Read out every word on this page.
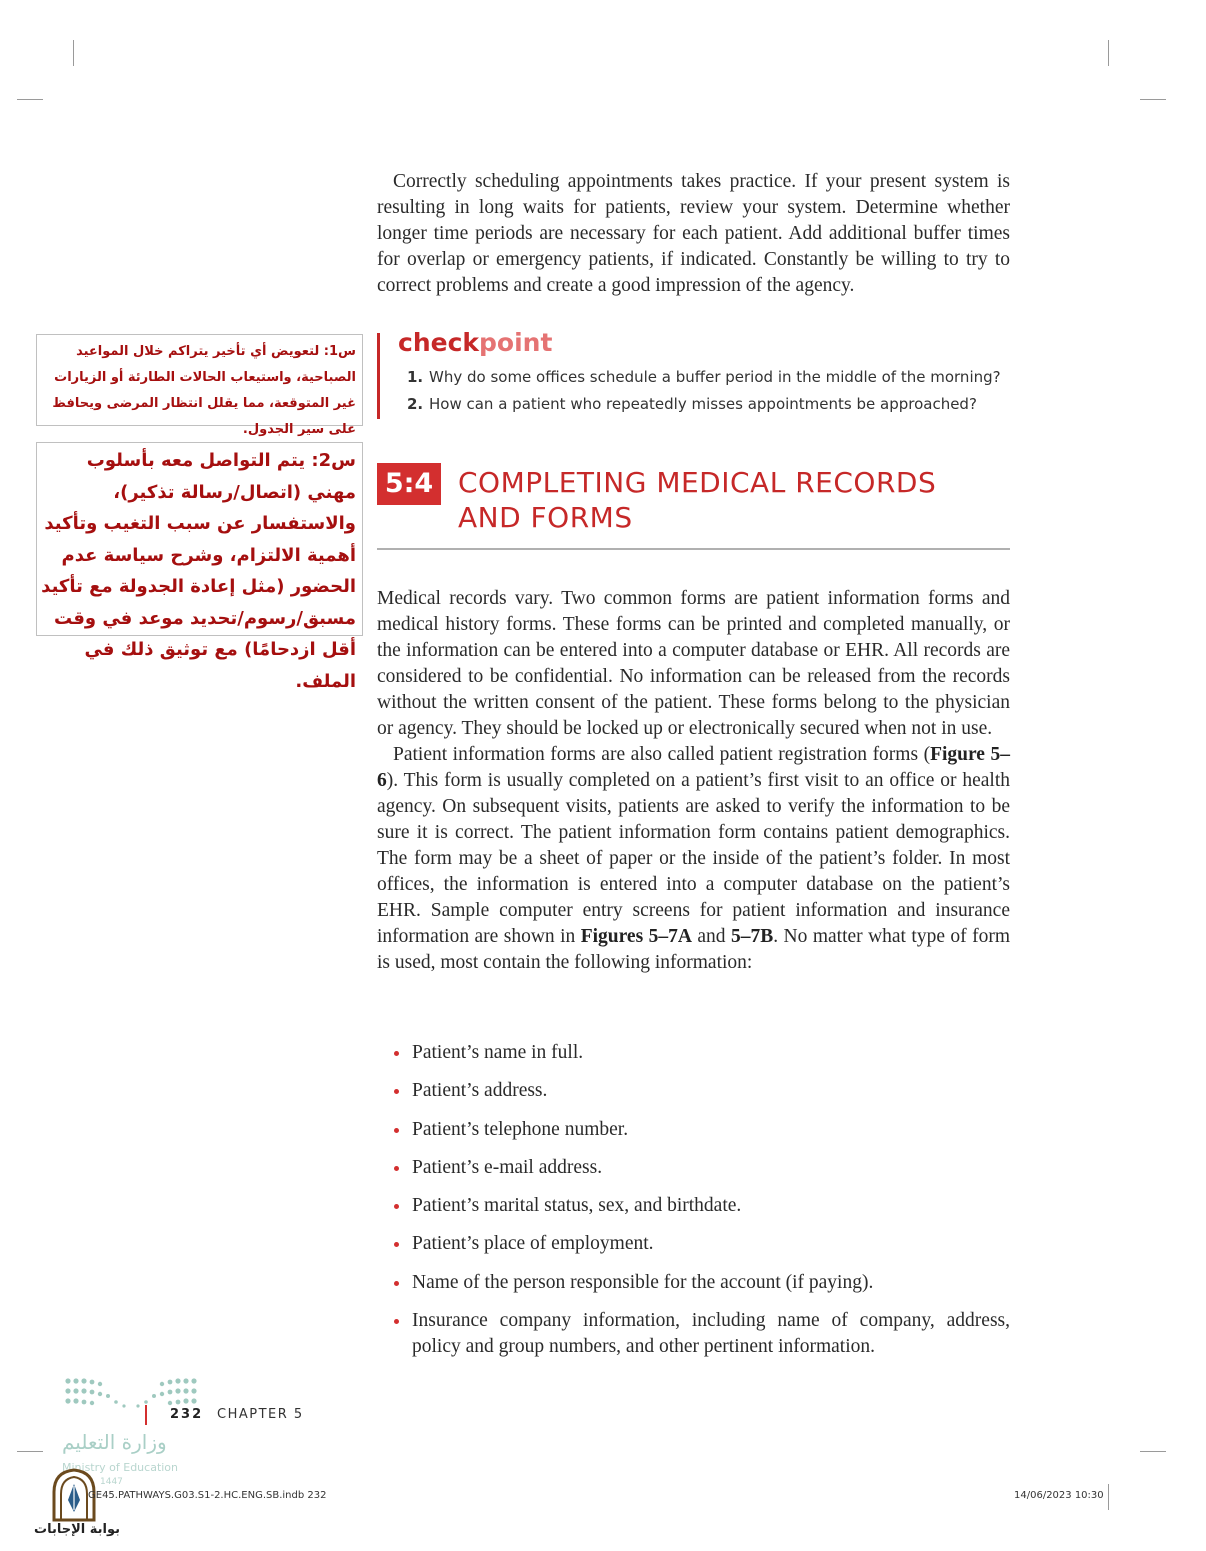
Correctly scheduling appointments takes practice. If your present system is resulting in long waits for patients, review your system. Determine whether longer time periods are necessary for each patient. Add additional buffer times for overlap or emergency patients, if indicated. Constantly be willing to try to correct problems and create a good impression of the agency.

س1: لتعويض أي تأخير يتراكم خلال المواعيد الصباحية، واستيعاب الحالات الطارئة أو الزيارات غير المتوقعة، مما يقلل انتظار المرضى ويحافظ على سير الجدول.
س2: يتم التواصل معه بأسلوب مهني (اتصال/رسالة تذكير)، والاستفسار عن سبب التغيب وتأكيد أهمية الالتزام، وشرح سياسة عدم الحضور (مثل إعادة الجدولة مع تأكيد مسبق/رسوم/تحديد موعد في وقت أقل ازدحامًا) مع توثيق ذلك في الملف.
checkpoint
1. Why do some offices schedule a buffer period in the middle of the morning?
2. How can a patient who repeatedly misses appointments be approached?
5:4 COMPLETING MEDICAL RECORDS
AND FORMS

Medical records vary. Two common forms are patient information forms and medical history forms. These forms can be printed and completed manually, or the information can be entered into a computer database or EHR. All records are considered to be confidential. No information can be released from the records without the written consent of the patient. These forms belong to the physician or agency. They should be locked up or electronically secured when not in use.

Patient information forms are also called patient registration forms (Figure 5–6). This form is usually completed on a patient’s first visit to an office or health agency. On subsequent visits, patients are asked to verify the information to be sure it is correct. The patient information form contains patient demographics. The form may be a sheet of paper or the inside of the patient’s folder. In most offices, the information is entered into a computer database on the patient’s EHR. Sample computer entry screens for patient information and insurance information are shown in Figures 5–7A and 5–7B. No matter what type of form is used, most contain the following information:

Patient’s name in full.
Patient’s address.
Patient’s telephone number.
Patient’s e-mail address.
Patient’s marital status, sex, and birthdate.
Patient’s place of employment.
Name of the person responsible for the account (if paying).
Insurance company information, including name of company, address, policy and group numbers, and other pertinent information.
232 CHAPTER 5
وزارة التعليم
Ministry of Education
1447
GE45.PATHWAYS.G03.S1-2.HC.ENG.SB.indb 232	14/06/2023 10:30
بوابة الإجابات
